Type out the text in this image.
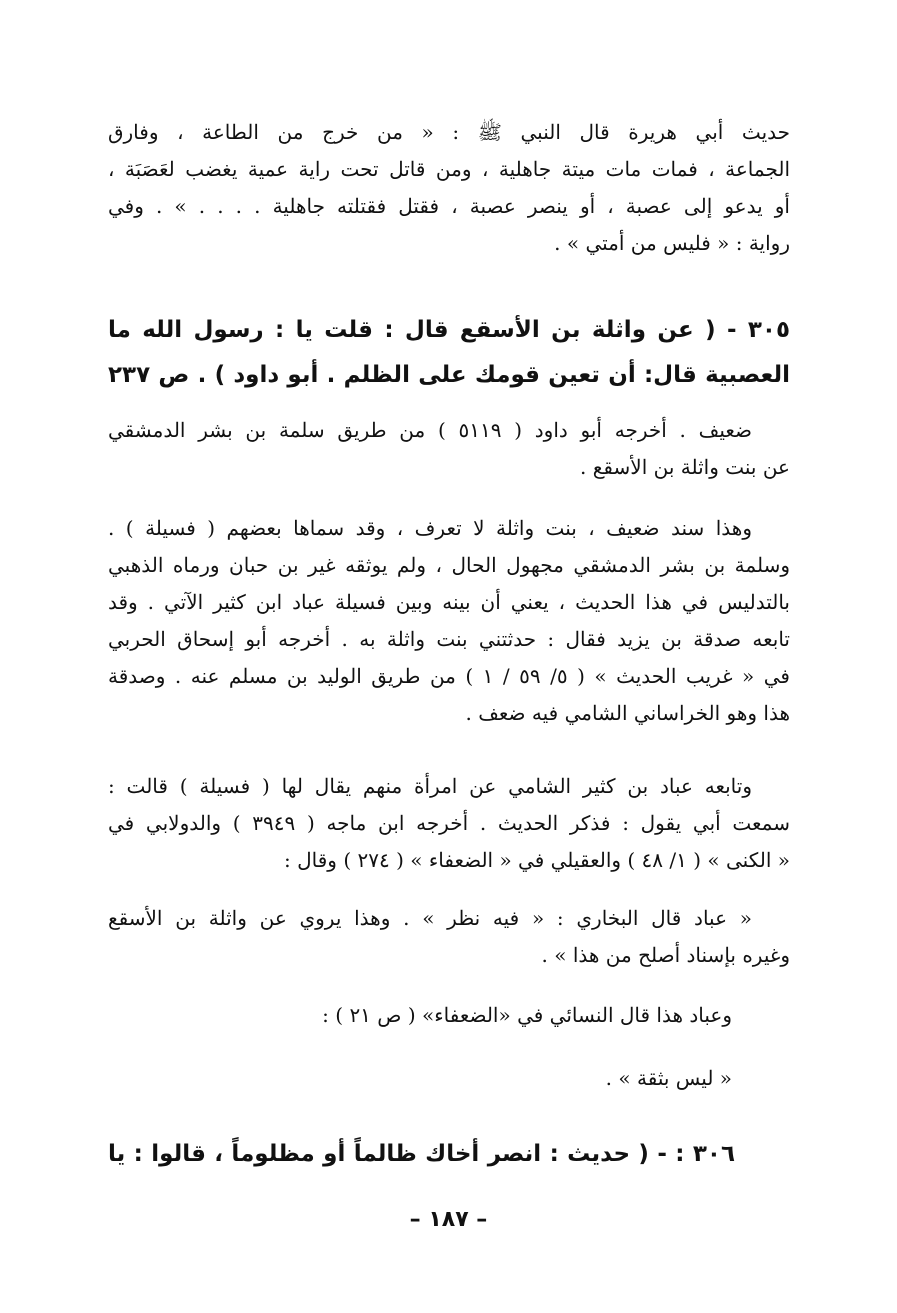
حديث أبي هريرة قال النبي ﷺ : « من خرج من الطاعة ، وفارق
الجماعة ، فمات مات ميتة جاهلية ، ومن قاتل تحت راية عمية يغضب لعَصَبَة ،
أو يدعو إلى عصبة ، أو ينصر عصبة ، فقتل فقتلته جاهلية . . . . » . وفي
رواية : « فليس من أمتي » .
٣٠٥ - ( عن واثلة بن الأسقع قال : قلت يا : رسول الله ما
العصبية قال: أن تعين قومك على الظلم . أبو داود ) . ص ٢٣٧
ضعيف . أخرجه أبو داود ( ٥١١٩ ) من طريق سلمة بن بشر الدمشقي
عن بنت واثلة بن الأسقع .
وهذا سند ضعيف ، بنت واثلة لا تعرف ، وقد سماها بعضهم ( فسيلة ) .
وسلمة بن بشر الدمشقي مجهول الحال ، ولم يوثقه غير بن حبان ورماه الذهبي
بالتدليس في هذا الحديث ، يعني أن بينه وبين فسيلة عباد ابن كثير الآتي . وقد
تابعه صدقة بن يزيد فقال : حدثتني بنت واثلة به . أخرجه أبو إسحاق الحربي
في « غريب الحديث » ( ٥/ ٥٩ / ١ ) من طريق الوليد بن مسلم عنه . وصدقة
هذا وهو الخراساني الشامي فيه ضعف .
وتابعه عباد بن كثير الشامي عن امرأة منهم يقال لها ( فسيلة ) قالت :
سمعت أبي يقول : فذكر الحديث . أخرجه ابن ماجه ( ٣٩٤٩ ) والدولابي في
« الكنى » ( ١/ ٤٨ ) والعقيلي في « الضعفاء » ( ٢٧٤ ) وقال :
« عباد قال البخاري : « فيه نظر » . وهذا يروي عن واثلة بن الأسقع
وغيره بإسناد أصلح من هذا » .
وعباد هذا قال النسائي في «الضعفاء» ( ص ٢١ ) :
« ليس بثقة » .
٣٠٦ : - ( حديث : انصر أخاك ظالماً أو مظلوماً ، قالوا : يا
– ١٨٧ –
